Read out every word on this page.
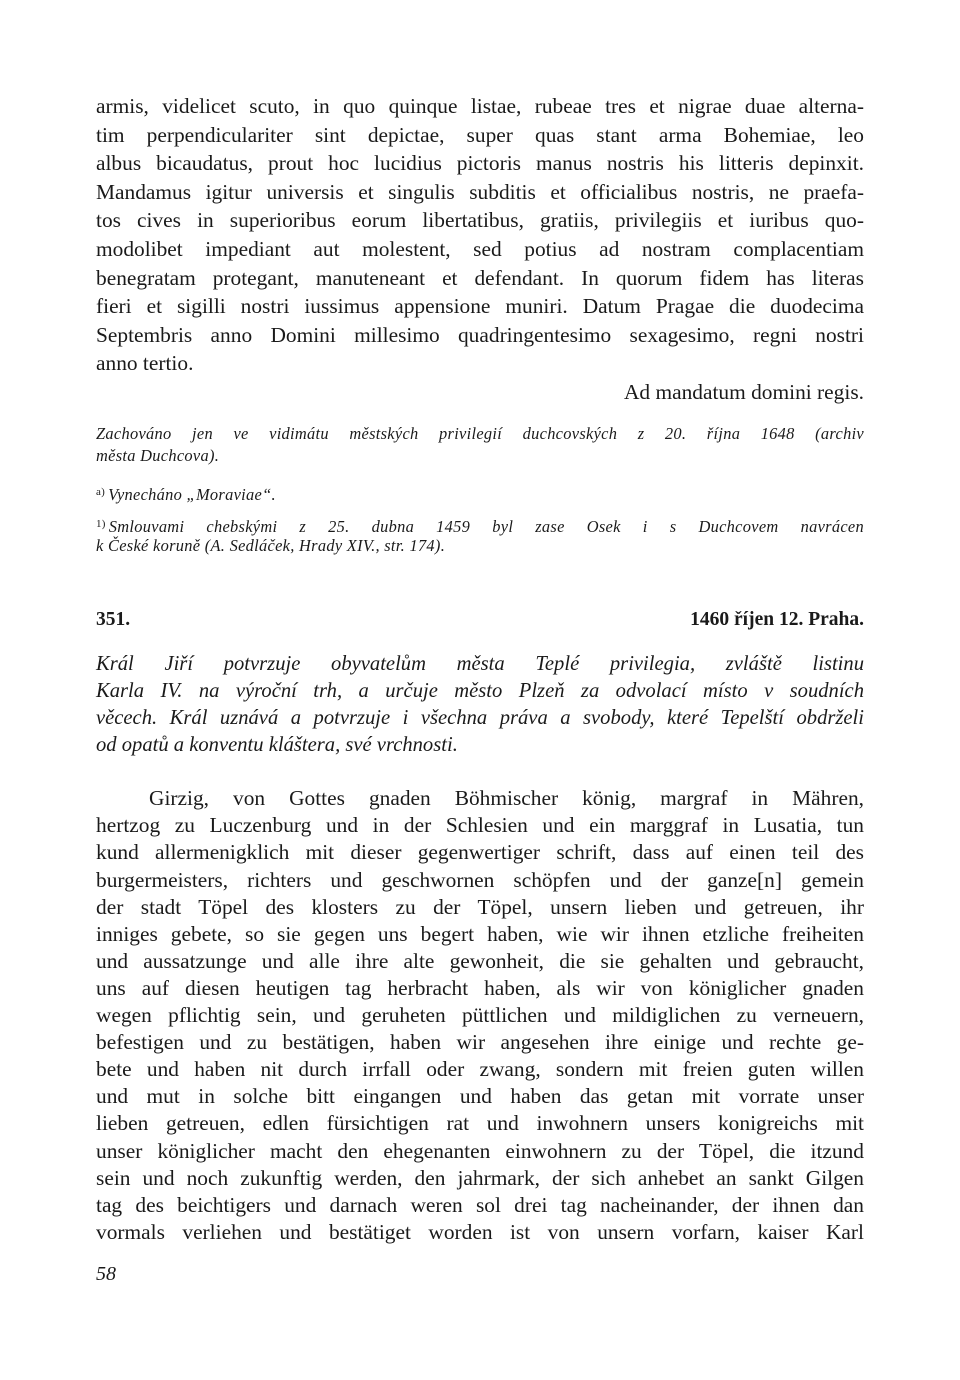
armis, videlicet scuto, in quo quinque listae, rubeae tres et nigrae duae alterna-
tim perpendiculariter sint depictae, super quas stant arma Bohemiae, leo
albus bicaudatus, prout hoc lucidius pictoris manus nostris his litteris depinxit.
Mandamus igitur universis et singulis subditis et officialibus nostris, ne praefa-
tos cives in superioribus eorum libertatibus, gratiis, privilegiis et iuribus quo-
modolibet impediant aut molestent, sed potius ad nostram complacentiam
benegratam protegant, manuteneant et defendant. In quorum fidem has literas
fieri et sigilli nostri iussimus appensione muniri. Datum Pragae die duodecima
Septembris anno Domini millesimo quadringentesimo sexagesimo, regni nostri
anno tertio.
Ad mandatum domini regis.
Zachováno jen ve vidimátu městských privilegií duchcovských z 20. října 1648 (archiv
města Duchcova).
$^{a)}$ Vynecháno „Moraviae“.
$^{1)}$ Smlouvami chebskými z 25. dubna 1459 byl zase Osek i s Duchcovem navrácen
k České koruně (A. Sedláček, Hrady XIV., str. 174).
351.	1460 říjen 12. Praha.
Král Jiří potvrzuje obyvatelům města Teplé privilegia, zvláště listinu
Karla IV. na výroční trh, a určuje město Plzeň za odvolací místo v soudních
věcech. Král uznává a potvrzuje i všechna práva a svobody, které Tepelští obdrželi
od opatů a konventu kláštera, své vrchnosti.
Girzig, von Gottes gnaden Böhmischer könig, margraf in Mähren,
hertzog zu Luczenburg und in der Schlesien und ein marggraf in Lusatia, tun
kund allermenigklich mit dieser gegenwertiger schrift, dass auf einen teil des
burgermeisters, richters und geschwornen schöpfen und der ganze[n] gemein
der stadt Töpel des klosters zu der Töpel, unsern lieben und getreuen, ihr
inniges gebete, so sie gegen uns begert haben, wie wir ihnen etzliche freiheiten
und aussatzunge und alle ihre alte gewonheit, die sie gehalten und gebraucht,
uns auf diesen heutigen tag herbracht haben, als wir von königlicher gnaden
wegen pflichtig sein, und geruheten püttlichen und mildiglichen zu verneuern,
befestigen und zu bestätigen, haben wir angesehen ihre einige und rechte ge-
bete und haben nit durch irrfall oder zwang, sondern mit freien guten willen
und mut in solche bitt eingangen und haben das getan mit vorrate unser
lieben getreuen, edlen fürsichtigen rat und inwohnern unsers konigreichs mit
unser königlicher macht den ehegenanten einwohnern zu der Töpel, die itzund
sein und noch zukunftig werden, den jahrmark, der sich anhebet an sankt Gilgen
tag des beichtigers und darnach weren sol drei tag nacheinander, der ihnen dan
vormals verliehen und bestätiget worden ist von unsern vorfarn, kaiser Karl
58
